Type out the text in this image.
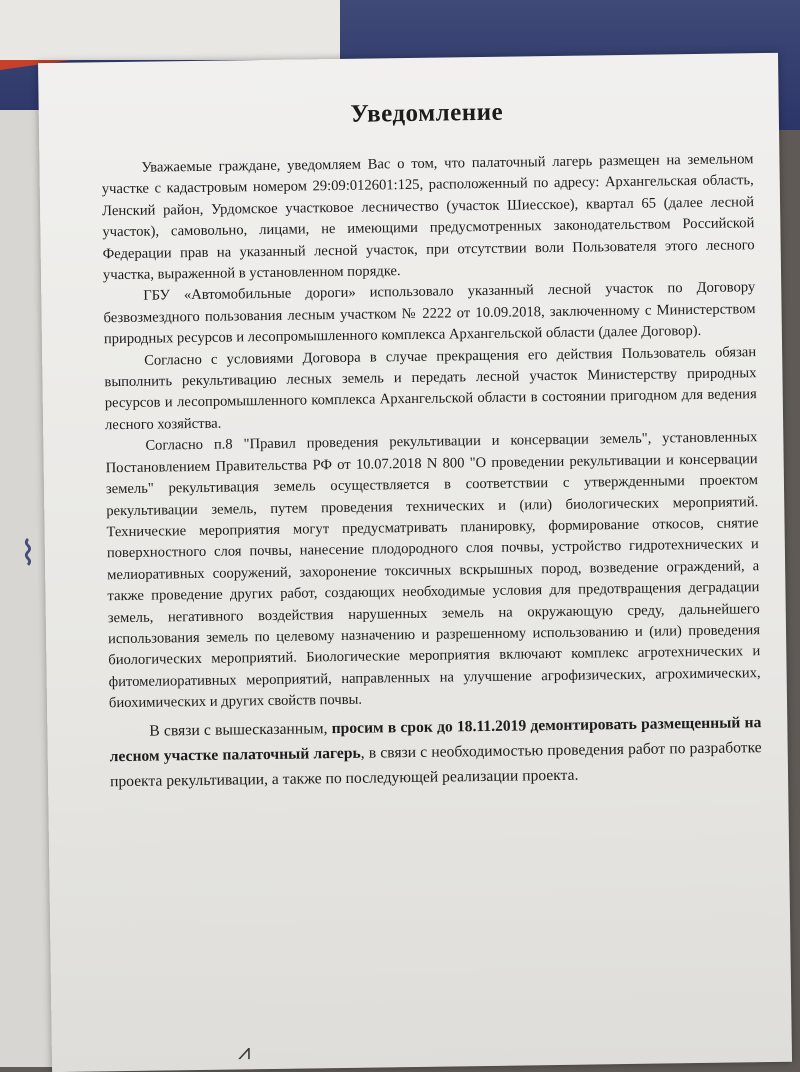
⌇
Уведомление

Уважаемые граждане, уведомляем Вас о том, что палаточный лагерь размещен на земельном участке с кадастровым номером 29:09:012601:125, расположенный по адресу: Архангельская область, Ленский район, Урдомское участковое лесничество (участок Шиесское), квартал 65 (далее лесной участок), самовольно, лицами, не имеющими предусмотренных законодательством Российской Федерации прав на указанный лесной участок, при отсутствии воли Пользователя этого лесного участка, выраженной в установленном порядке.

ГБУ «Автомобильные дороги» использовало указанный лесной участок по Договору безвозмездного пользования лесным участком № 2222 от 10.09.2018, заключенному с Министерством природных ресурсов и лесопромышленного комплекса Архангельской области (далее Договор).

Согласно с условиями Договора в случае прекращения его действия Пользователь обязан выполнить рекультивацию лесных земель и передать лесной участок Министерству природных ресурсов и лесопромышленного комплекса Архангельской области в состоянии пригодном для ведения лесного хозяйства.

Согласно п.8 "Правил проведения рекультивации и консервации земель", установленных Постановлением Правительства РФ от 10.07.2018 N 800 "О проведении рекультивации и консервации земель" рекультивация земель осуществляется в соответствии с утвержденными проектом рекультивации земель, путем проведения технических и (или) биологических мероприятий. Технические мероприятия могут предусматривать планировку, формирование откосов, снятие поверхностного слоя почвы, нанесение плодородного слоя почвы, устройство гидротехнических и мелиоративных сооружений, захоронение токсичных вскрышных пород, возведение ограждений, а также проведение других работ, создающих необходимые условия для предотвращения деградации земель, негативного воздействия нарушенных земель на окружающую среду, дальнейшего использования земель по целевому назначению и разрешенному использованию и (или) проведения биологических мероприятий. Биологические мероприятия включают комплекс агротехнических и фитомелиоративных мероприятий, направленных на улучшение агрофизических, агрохимических, биохимических и других свойств почвы.

В связи с вышесказанным, просим в срок до 18.11.2019 демонтировать размещенный на лесном участке палаточный лагерь, в связи с необходимостью проведения работ по разработке проекта рекультивации, а также по последующей реализации проекта.

⩘
